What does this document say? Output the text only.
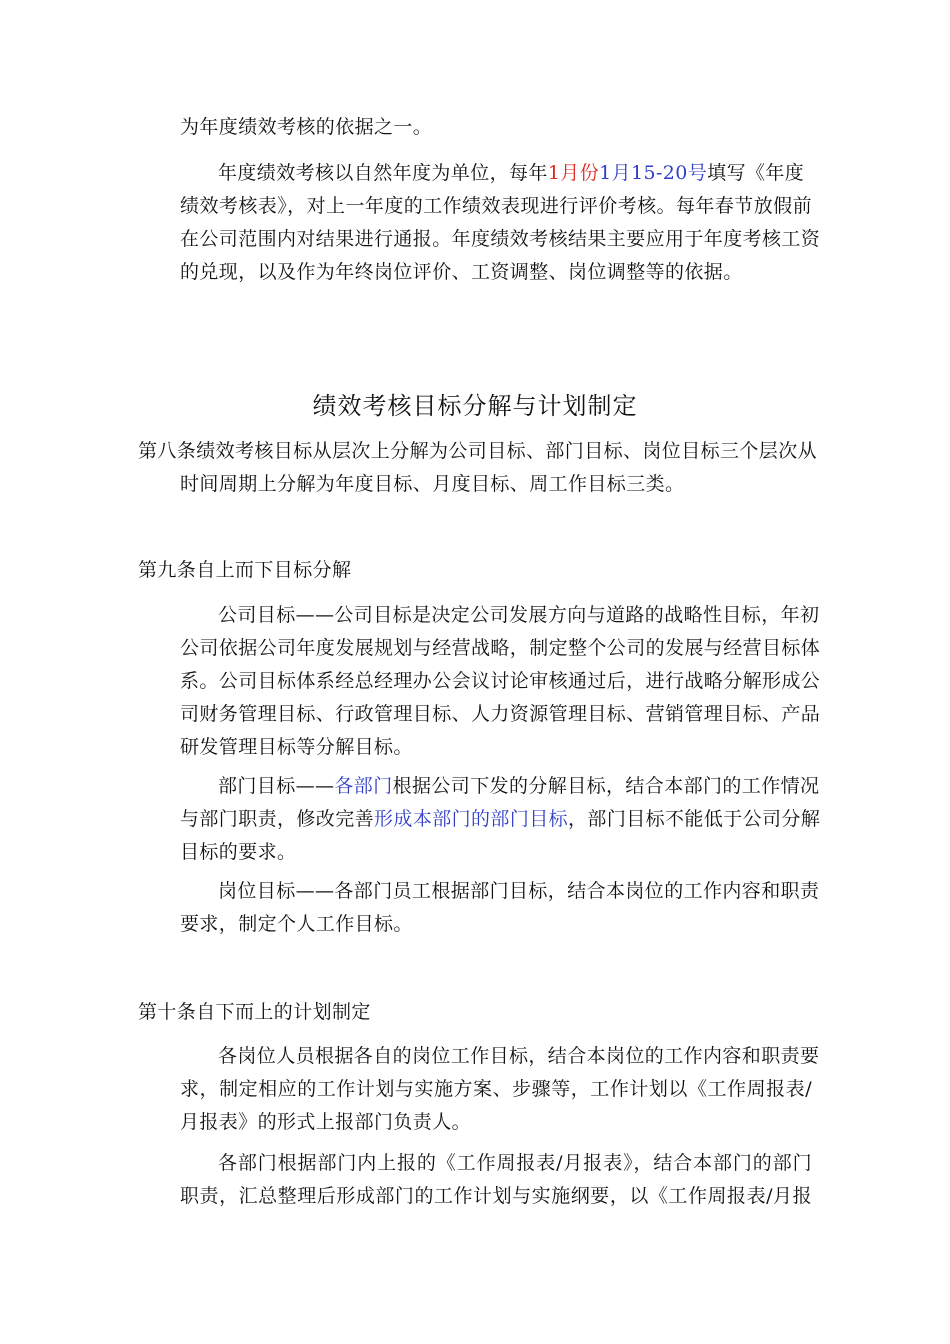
为年度绩效考核的依据之一。
年度绩效考核以自然年度为单位，每年1月份1月15-20号填写《年度
绩效考核表》，对上一年度的工作绩效表现进行评价考核。每年春节放假前
在公司范围内对结果进行通报。年度绩效考核结果主要应用于年度考核工资
的兑现，以及作为年终岗位评价、工资调整、岗位调整等的依据。
绩效考核目标分解与计划制定
第八条绩效考核目标从层次上分解为公司目标、部门目标、岗位目标三个层次从
时间周期上分解为年度目标、月度目标、周工作目标三类。
第九条自上而下目标分解
公司目标——公司目标是决定公司发展方向与道路的战略性目标，年初
公司依据公司年度发展规划与经营战略，制定整个公司的发展与经营目标体
系。公司目标体系经总经理办公会议讨论审核通过后，进行战略分解形成公
司财务管理目标、行政管理目标、人力资源管理目标、营销管理目标、产品
研发管理目标等分解目标。
部门目标——各部门根据公司下发的分解目标，结合本部门的工作情况
与部门职责，修改完善形成本部门的部门目标，部门目标不能低于公司分解
目标的要求。
岗位目标——各部门员工根据部门目标，结合本岗位的工作内容和职责
要求，制定个人工作目标。
第十条自下而上的计划制定
各岗位人员根据各自的岗位工作目标，结合本岗位的工作内容和职责要
求，制定相应的工作计划与实施方案、步骤等，工作计划以《工作周报表/
月报表》的形式上报部门负责人。
各部门根据部门内上报的《工作周报表/月报表》，结合本部门的部门
职责，汇总整理后形成部门的工作计划与实施纲要，以《工作周报表/月报
